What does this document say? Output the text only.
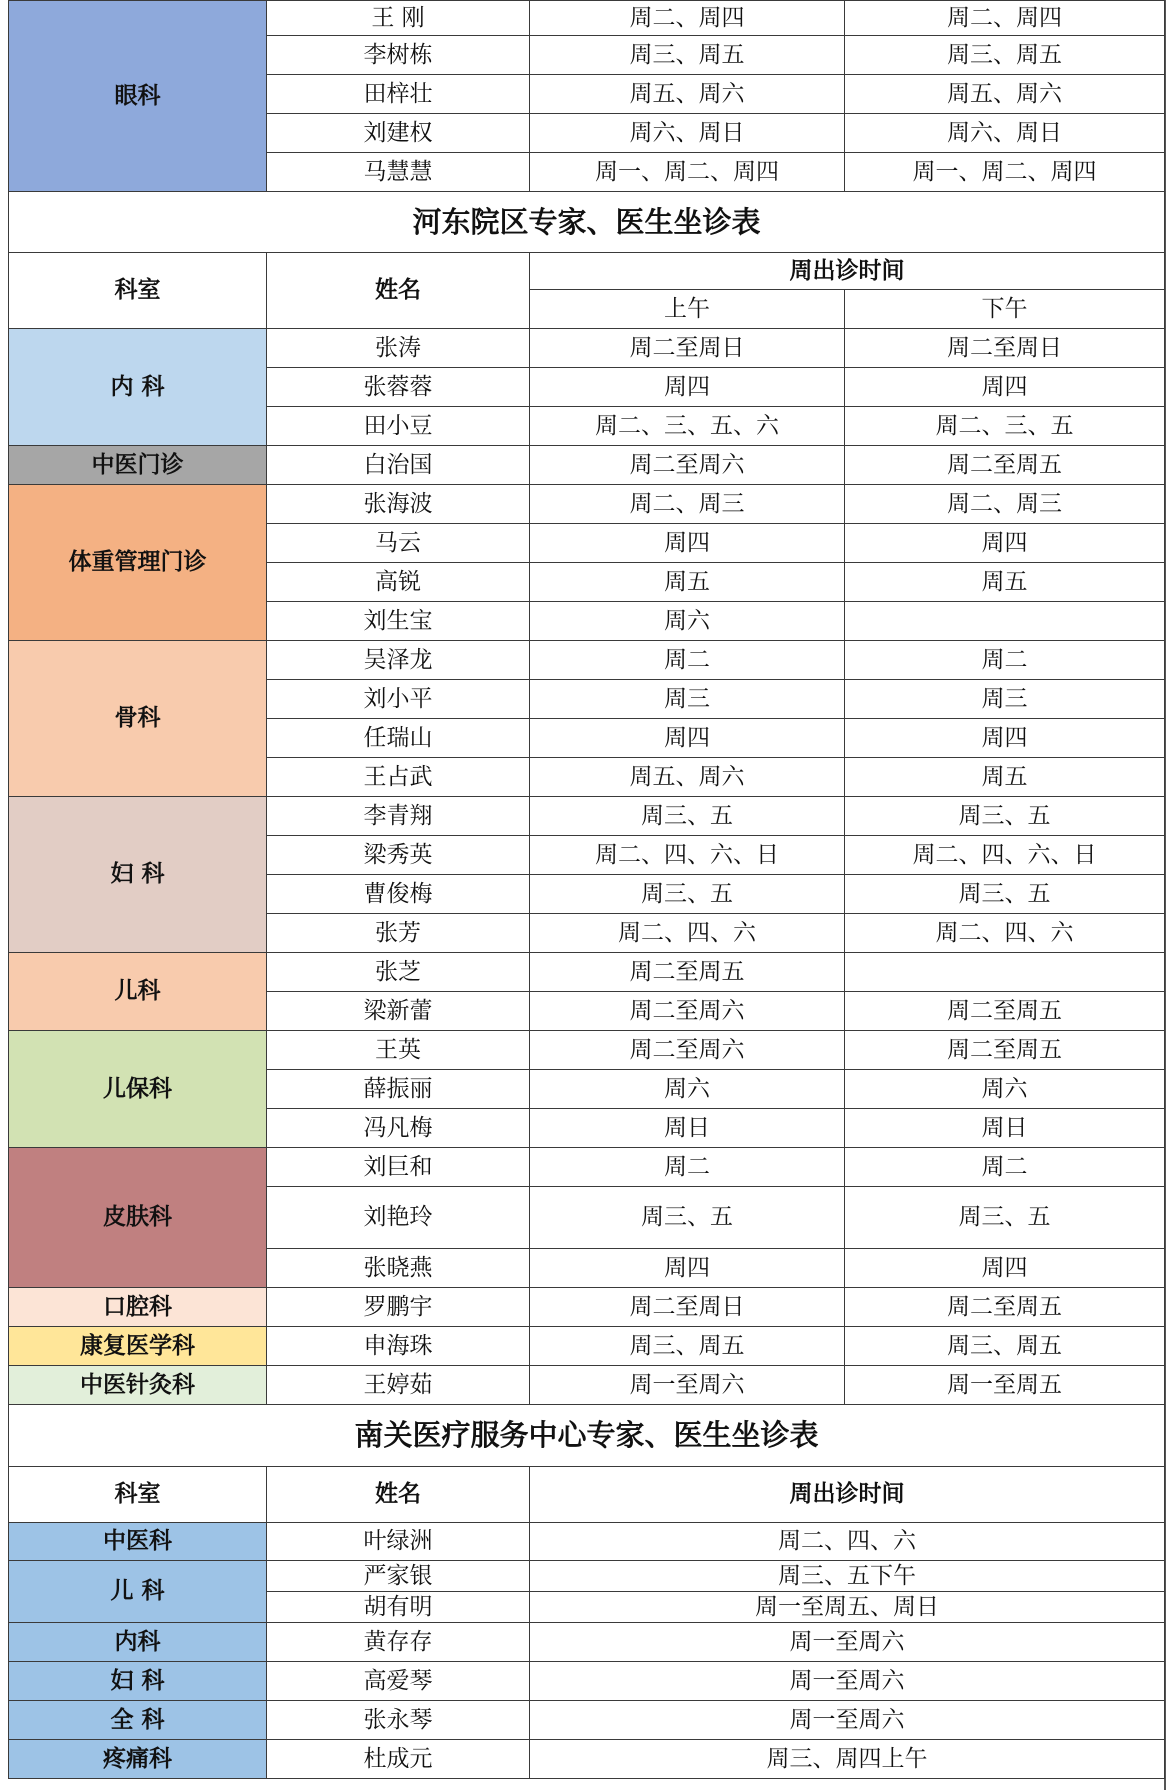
眼科	王 刚	周二、周四	周二、周四
	李树栋	周三、周五	周三、周五
	田梓壮	周五、周六	周五、周六
	刘建权	周六、周日	周六、周日
	马慧慧	周一、周二、周四	周一、周二、周四
河东院区专家、医生坐诊表			
科室	姓名	周出诊时间	
		上午	下午
内 科	张涛	周二至周日	周二至周日
	张蓉蓉	周四	周四
	田小豆	周二、三、五、六	周二、三、五
中医门诊	白治国	周二至周六	周二至周五
体重管理门诊	张海波	周二、周三	周二、周三
	马云	周四	周四
	高锐	周五	周五
	刘生宝	周六	
骨科	吴泽龙	周二	周二
	刘小平	周三	周三
	任瑞山	周四	周四
	王占武	周五、周六	周五
妇 科	李青翔	周三、五	周三、五
	梁秀英	周二、四、六、日	周二、四、六、日
	曹俊梅	周三、五	周三、五
	张芳	周二、四、六	周二、四、六
儿科	张芝	周二至周五	
	梁新蕾	周二至周六	周二至周五
儿保科	王英	周二至周六	周二至周五
	薛振丽	周六	周六
	冯凡梅	周日	周日
皮肤科	刘巨和	周二	周二
	刘艳玲	周三、五	周三、五
	张晓燕	周四	周四
口腔科	罗鹏宇	周二至周日	周二至周五
康复医学科	申海珠	周三、周五	周三、周五
中医针灸科	王婷茹	周一至周六	周一至周五
南关医疗服务中心专家、医生坐诊表			
科室	姓名	周出诊时间	
中医科	叶绿洲	周二、四、六	
儿 科	严家银	周三、五下午	
	胡有明	周一至周五、周日	
内科	黄存存	周一至周六	
妇 科	高爱琴	周一至周六	
全 科	张永琴	周一至周六	
疼痛科	杜成元	周三、周四上午	
